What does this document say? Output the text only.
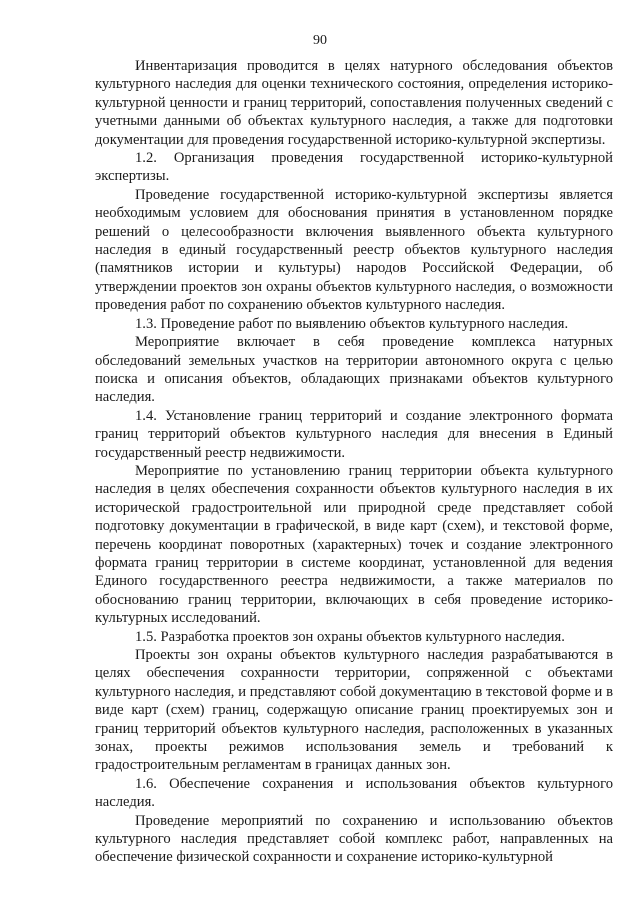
90

Инвентаризация проводится в целях натурного обследования объектов культурного наследия для оценки технического состояния, определения историко-культурной ценности и границ территорий, сопоставления полученных сведений с учетными данными об объектах культурного наследия, а также для подготовки документации для проведения государственной историко-культурной экспертизы.

1.2. Организация проведения государственной историко-культурной экспертизы.

Проведение государственной историко-культурной экспертизы является необходимым условием для обоснования принятия в установленном порядке решений о целесообразности включения выявленного объекта культурного наследия в единый государственный реестр объектов культурного наследия (памятников истории и культуры) народов Российской Федерации, об утверждении проектов зон охраны объектов культурного наследия, о возможности проведения работ по сохранению объектов культурного наследия.

1.3. Проведение работ по выявлению объектов культурного наследия.

Мероприятие включает в себя проведение комплекса натурных обследований земельных участков на территории автономного округа с целью поиска и описания объектов, обладающих признаками объектов культурного наследия.

1.4. Установление границ территорий и создание электронного формата границ территорий объектов культурного наследия для внесения в Единый государственный реестр недвижимости.

Мероприятие по установлению границ территории объекта культурного наследия в целях обеспечения сохранности объектов культурного наследия в их исторической градостроительной или природной среде представляет собой подготовку документации в графической, в виде карт (схем), и текстовой форме, перечень координат поворотных (характерных) точек и создание электронного формата границ территории в системе координат, установленной для ведения Единого государственного реестра недвижимости, а также материалов по обоснованию границ территории, включающих в себя проведение историко-культурных исследований.

1.5. Разработка проектов зон охраны объектов культурного наследия.

Проекты зон охраны объектов культурного наследия разрабатываются в целях обеспечения сохранности территории, сопряженной с объектами культурного наследия, и представляют собой документацию в текстовой форме и в виде карт (схем) границ, содержащую описание границ проектируемых зон и границ территорий объектов культурного наследия, расположенных в указанных зонах, проекты режимов использования земель и требований к градостроительным регламентам в границах данных зон.

1.6. Обеспечение сохранения и использования объектов культурного наследия.

Проведение мероприятий по сохранению и использованию объектов культурного наследия представляет собой комплекс работ, направленных на обеспечение физической сохранности и сохранение историко-культурной
